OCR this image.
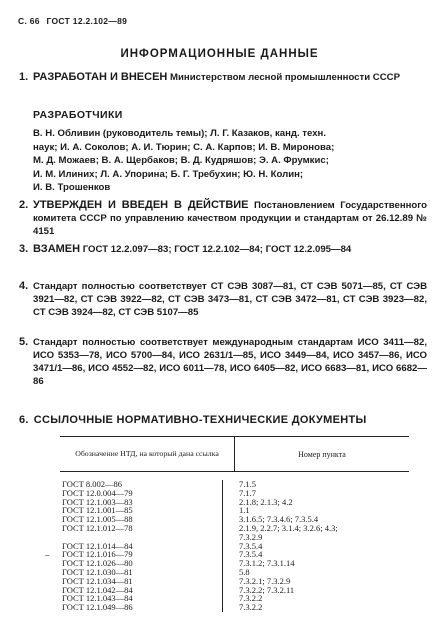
С. 66 ГОСТ 12.2.102—89
ИНФОРМАЦИОННЫЕ ДАННЫЕ
1. РАЗРАБОТАН И ВНЕСЕН Министерством лесной промышленности СССР
РАЗРАБОТЧИКИ
В. Н. Обливин (руководитель темы); Л. Г. Казаков, канд. техн.
наук; И. А. Соколов; А. И. Тюрин; С. А. Карпов; И. В. Миронова;
М. Д. Можаев; В. А. Щербаков; В. Д. Кудряшов; Э. А. Фрумкис;
И. М. Илиних; Л. А. Упорина; Б. Г. Требухин; Ю. Н. Колин;
И. В. Трошенков
2. УТВЕРЖДЕН И ВВЕДЕН В ДЕЙСТВИЕ Постановлением Государственного комитета СССР по управлению качеством продукции и стандартам от 26.12.89 № 4151
3. ВЗАМЕН ГОСТ 12.2.097—83; ГОСТ 12.2.102—84; ГОСТ 12.2.095—84
4. Стандарт полностью соответствует СТ СЭВ 3087—81, СТ СЭВ 5071—85, СТ СЭВ 3921—82, СТ СЭВ 3922—82, СТ СЭВ 3473—81, СТ СЭВ 3472—81, СТ СЭВ 3923—82, СТ СЭВ 3924—82, СТ СЭВ 5107—85
5. Стандарт полностью соответствует международным стандартам ИСО 3411—82, ИСО 5353—78, ИСО 5700—84, ИСО 2631/1—85, ИСО 3449—84, ИСО 3457—86, ИСО 3471/1—86, ИСО 4552—82, ИСО 6011—78, ИСО 6405—82, ИСО 6683—81, ИСО 6682—86
6. ССЫЛОЧНЫЕ НОРМАТИВНО-ТЕХНИЧЕСКИЕ ДОКУМЕНТЫ
Обозначение НТД, на который дана ссылка	Номер пункта
ГОСТ 8.002—86	7.1.5
ГОСТ 12.0.004—79	7.1.7
ГОСТ 12.1.003—83	2.1.8; 2.1.3; 4.2
ГОСТ 12.1.001—85	1.1
ГОСТ 12.1.005—88	3.1.6.5; 7.3.4.6; 7.3.5.4
ГОСТ 12.1.012—78	2.1.9, 2.2.7; 3.1.4; 3.2.6; 4.3;
7.3.2.9
ГОСТ 12.1.014—84	7.3.5.4
ГОСТ 12.1.016—79	7.3.5.4
ГОСТ 12.1.026—80	7.3.1.2; 7.3.1.14
ГОСТ 12.1.030—81	5.8
ГОСТ 12.1.034—81	7.3.2.1; 7.3.2.9
ГОСТ 12.1.042—84	7.3.2.2; 7.3.2.11
ГОСТ 12.1.043—84	7.3.2.2
ГОСТ 12.1.049—86	7.3.2.2
–
